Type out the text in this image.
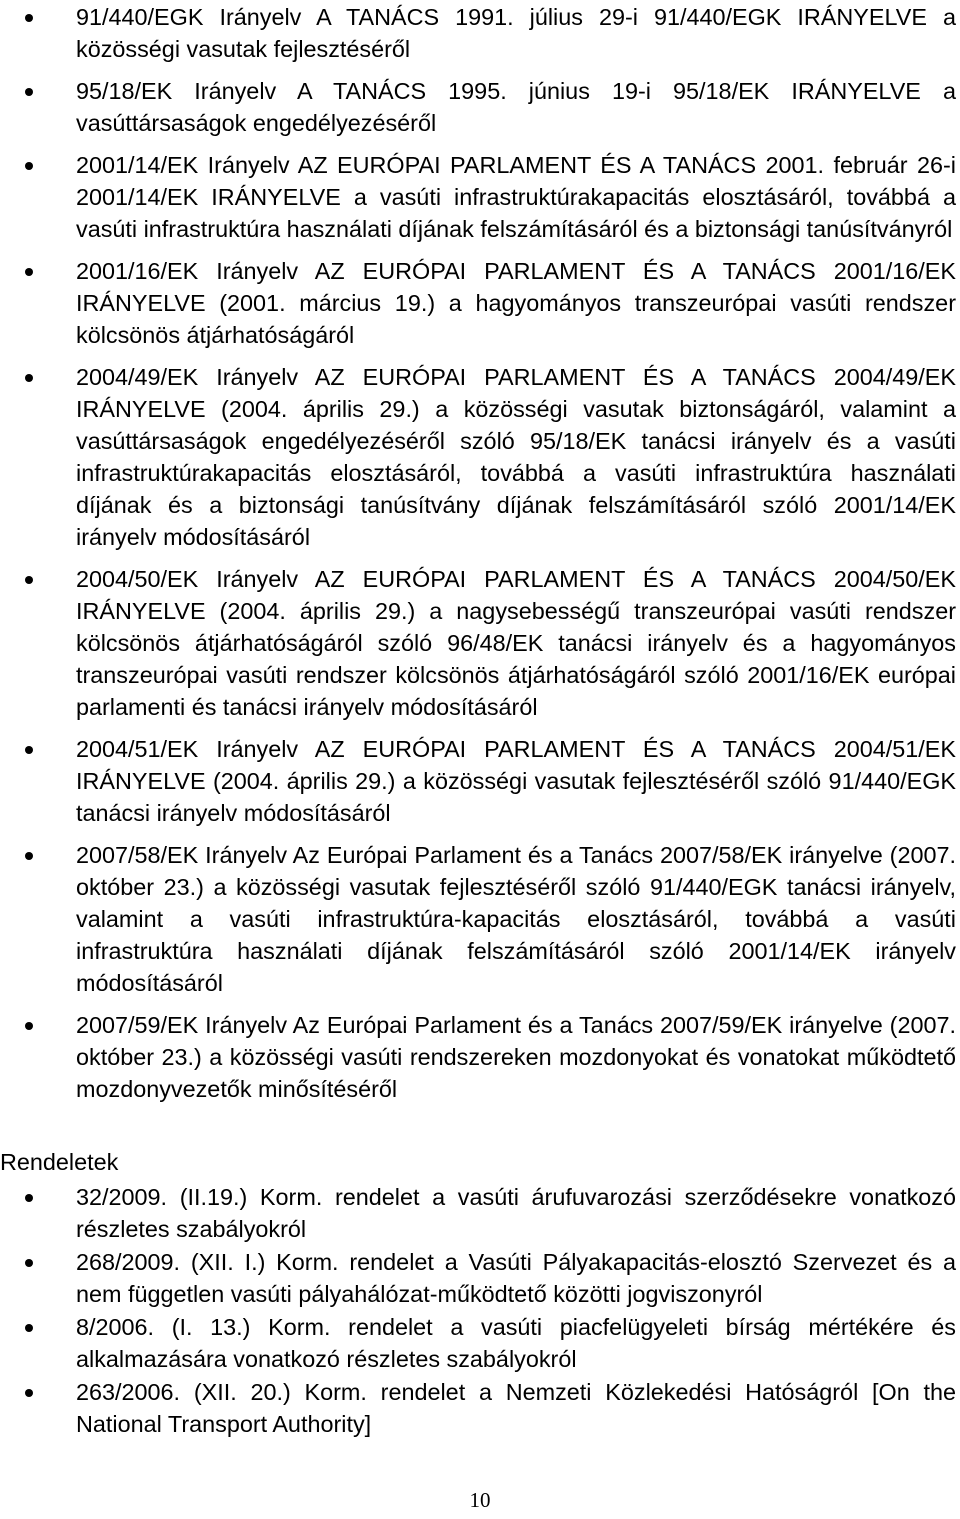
91/440/EGK Irányelv A TANÁCS 1991. július 29-i 91/440/EGK IRÁNYELVE a közösségi vasutak fejlesztéséről
95/18/EK Irányelv A TANÁCS 1995. június 19-i 95/18/EK IRÁNYELVE a vasúttársaságok engedélyezéséről
2001/14/EK Irányelv AZ EURÓPAI PARLAMENT ÉS A TANÁCS 2001. február 26-i 2001/14/EK IRÁNYELVE a vasúti infrastruktúrakapacitás elosztásáról, továbbá a vasúti infrastruktúra használati díjának felszámításáról és a biztonsági tanúsítványról
2001/16/EK Irányelv AZ EURÓPAI PARLAMENT ÉS A TANÁCS 2001/16/EK IRÁNYELVE (2001. március 19.) a hagyományos transzeurópai vasúti rendszer kölcsönös átjárhatóságáról
2004/49/EK Irányelv AZ EURÓPAI PARLAMENT ÉS A TANÁCS 2004/49/EK IRÁNYELVE (2004. április 29.) a közösségi vasutak biztonságáról, valamint a vasúttársaságok engedélyezéséről szóló 95/18/EK tanácsi irányelv és a vasúti infrastruktúrakapacitás elosztásáról, továbbá a vasúti infrastruktúra használati díjának és a biztonsági tanúsítvány díjának felszámításáról szóló 2001/14/EK irányelv módosításáról
2004/50/EK Irányelv AZ EURÓPAI PARLAMENT ÉS A TANÁCS 2004/50/EK IRÁNYELVE (2004. április 29.) a nagysebességű transzeurópai vasúti rendszer kölcsönös átjárhatóságáról szóló 96/48/EK tanácsi irányelv és a hagyományos transzeurópai vasúti rendszer kölcsönös átjárhatóságáról szóló 2001/16/EK európai parlamenti és tanácsi irányelv módosításáról
2004/51/EK Irányelv AZ EURÓPAI PARLAMENT ÉS A TANÁCS 2004/51/EK IRÁNYELVE (2004. április 29.) a közösségi vasutak fejlesztéséről szóló 91/440/EGK tanácsi irányelv módosításáról
2007/58/EK Irányelv Az Európai Parlament és a Tanács 2007/58/EK irányelve (2007. október 23.) a közösségi vasutak fejlesztéséről szóló 91/440/EGK tanácsi irányelv, valamint a vasúti infrastruktúra-kapacitás elosztásáról, továbbá a vasúti infrastruktúra használati díjának felszámításáról szóló 2001/14/EK irányelv módosításáról
2007/59/EK Irányelv Az Európai Parlament és a Tanács 2007/59/EK irányelve (2007. október 23.) a közösségi vasúti rendszereken mozdonyokat és vonatokat működtető mozdonyvezetők minősítéséről
Rendeletek
32/2009. (II.19.) Korm. rendelet a vasúti árufuvarozási szerződésekre vonatkozó részletes szabályokról
268/2009. (XII. I.) Korm. rendelet a Vasúti Pályakapacitás-elosztó Szervezet és a nem független vasúti pályahálózat-működtető közötti jogviszonyról
8/2006. (I. 13.) Korm. rendelet a vasúti piacfelügyeleti bírság mértékére és alkalmazására vonatkozó részletes szabályokról
263/2006. (XII. 20.) Korm. rendelet a Nemzeti Közlekedési Hatóságról [On the National Transport Authority]
10
